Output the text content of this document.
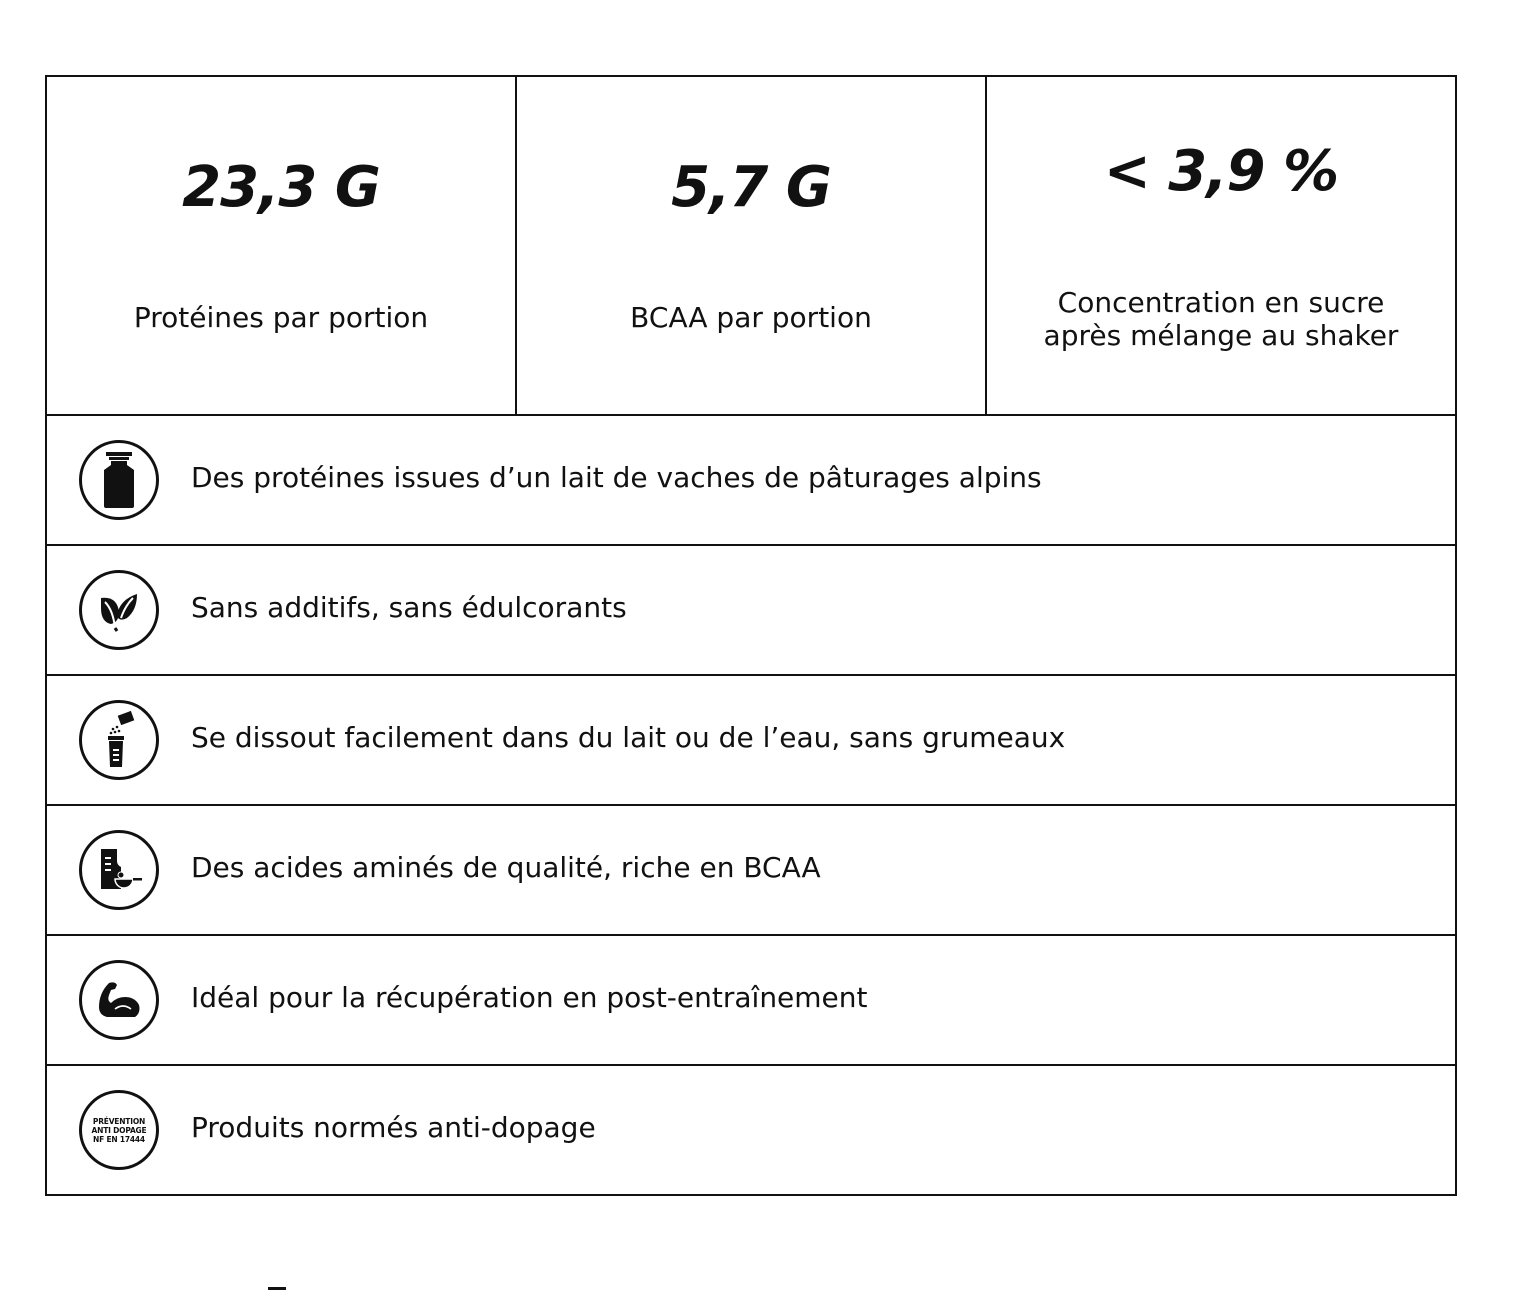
23,3 G
Protéines par portion
5,7 G
BCAA par portion
< 3,9 %
Concentration en sucre
après mélange au shaker
Des protéines issues d’un lait de vaches de pâturages alpins
Sans additifs, sans édulcorants
Se dissout facilement dans du lait ou de l’eau, sans grumeaux
Des acides aminés de qualité, riche en BCAA
Idéal pour la récupération en post-entraînement
PRÉVENTION
ANTI DOPAGE
NF EN 17444 Produits normés anti-dopage
